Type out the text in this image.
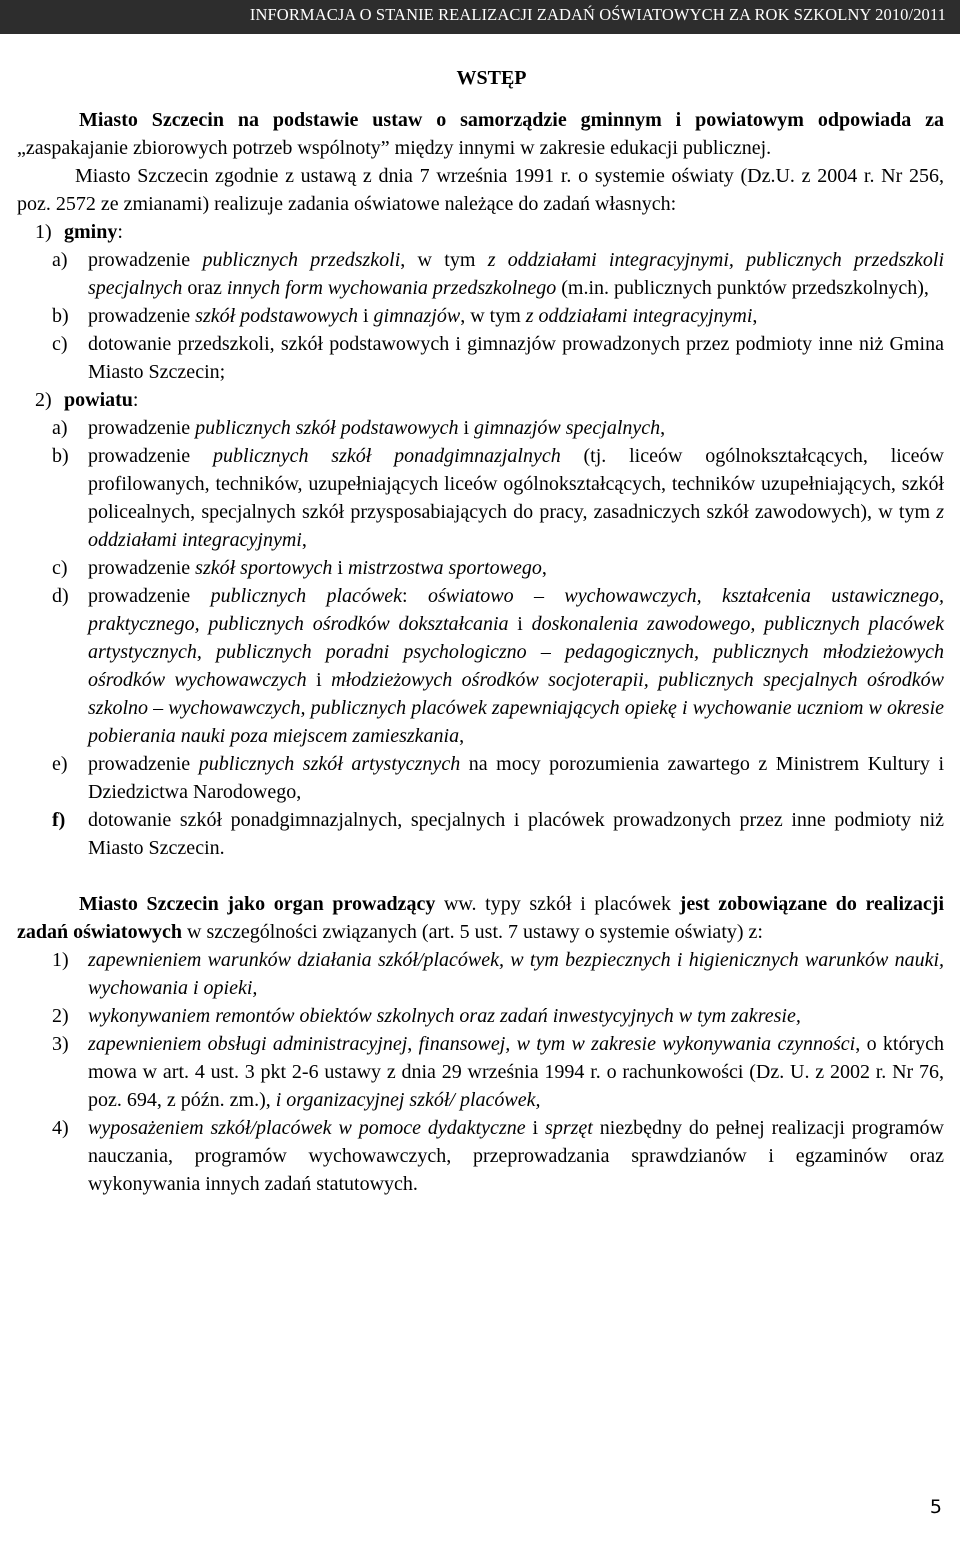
INFORMACJA O STANIE REALIZACJI ZADAŃ OŚWIATOWYCH ZA ROK SZKOLNY 2010/2011
WSTĘP

Miasto Szczecin na podstawie ustaw o samorządzie gminnym i powiatowym odpowiada za „zaspakajanie zbiorowych potrzeb wspólnoty” między innymi w zakresie edukacji publicznej.

Miasto Szczecin zgodnie z ustawą z dnia 7 września 1991 r. o systemie oświaty (Dz.U. z 2004 r. Nr 256, poz. 2572 ze zmianami) realizuje zadania oświatowe należące do zadań własnych:

1) gminy:

a) prowadzenie publicznych przedszkoli, w tym z oddziałami integracyjnymi, publicznych przedszkoli specjalnych oraz innych form wychowania przedszkolnego (m.in. publicznych punktów przedszkolnych),

b) prowadzenie szkół podstawowych i gimnazjów, w tym z oddziałami integracyjnymi,

c) dotowanie przedszkoli, szkół podstawowych i gimnazjów prowadzonych przez podmioty inne niż Gmina Miasto Szczecin;

2) powiatu:

a) prowadzenie publicznych szkół podstawowych i gimnazjów specjalnych,

b) prowadzenie publicznych szkół ponadgimnazjalnych (tj. liceów ogólnokształcących, liceów profilowanych, techników, uzupełniających liceów ogólnokształcących, techników uzupełniających, szkół policealnych, specjalnych szkół przysposabiających do pracy, zasadniczych szkół zawodowych), w tym z oddziałami integracyjnymi,

c) prowadzenie szkół sportowych i mistrzostwa sportowego,

d) prowadzenie publicznych placówek: oświatowo – wychowawczych, kształcenia ustawicznego, praktycznego, publicznych ośrodków dokształcania i doskonalenia zawodowego, publicznych placówek artystycznych, publicznych poradni psychologiczno – pedagogicznych, publicznych młodzieżowych ośrodków wychowawczych i młodzieżowych ośrodków socjoterapii, publicznych specjalnych ośrodków szkolno – wychowawczych, publicznych placówek zapewniających opiekę i wychowanie uczniom w okresie pobierania nauki poza miejscem zamieszkania,

e) prowadzenie publicznych szkół artystycznych na mocy porozumienia zawartego z Ministrem Kultury i Dziedzictwa Narodowego,

f) dotowanie szkół ponadgimnazjalnych, specjalnych i placówek prowadzonych przez inne podmioty niż Miasto Szczecin.

Miasto Szczecin jako organ prowadzący ww. typy szkół i placówek jest zobowiązane do realizacji zadań oświatowych w szczególności związanych (art. 5 ust. 7 ustawy o systemie oświaty) z:

1) zapewnieniem warunków działania szkół/placówek, w tym bezpiecznych i higienicznych warunków nauki, wychowania i opieki,

2) wykonywaniem remontów obiektów szkolnych oraz zadań inwestycyjnych w tym zakresie,

3) zapewnieniem obsługi administracyjnej, finansowej, w tym w zakresie wykonywania czynności, o których mowa w art. 4 ust. 3 pkt 2-6 ustawy z dnia 29 września 1994 r. o rachunkowości (Dz. U. z 2002 r. Nr 76, poz. 694, z późn. zm.), i organizacyjnej szkół/ placówek,

4) wyposażeniem szkół/placówek w pomoce dydaktyczne i sprzęt niezbędny do pełnej realizacji programów nauczania, programów wychowawczych, przeprowadzania sprawdzianów i egzaminów oraz wykonywania innych zadań statutowych.

5
